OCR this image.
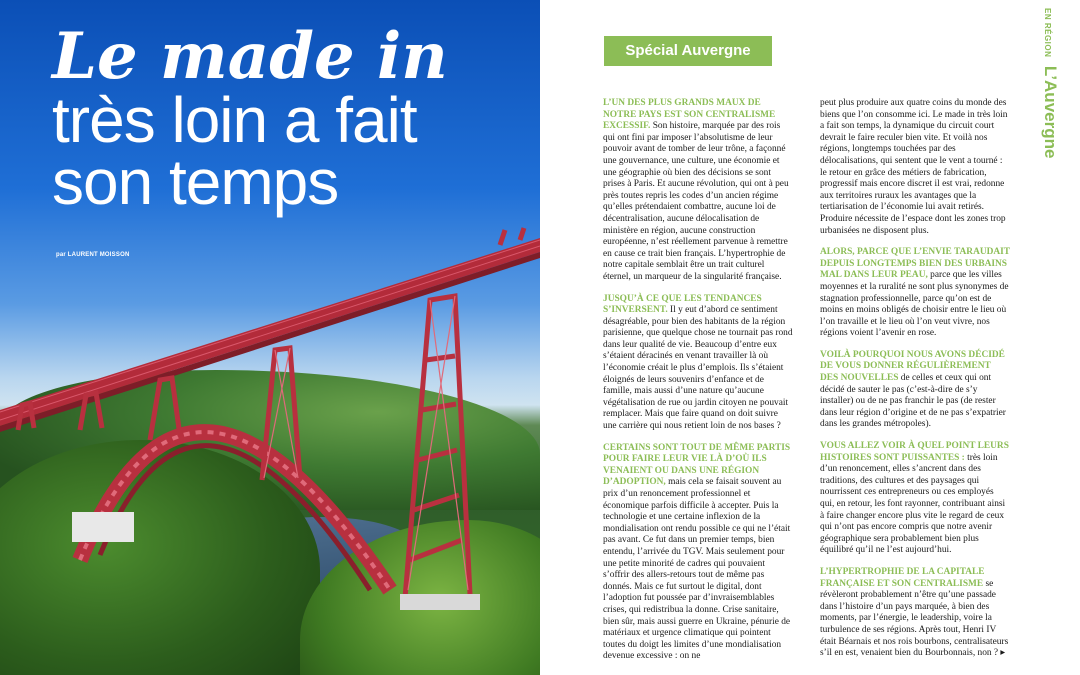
Le made in
très loin a fait
son temps
par LAURENT MOISSON
Spécial Auvergne	EN RÉGION L’Auvergne

L’UN DES PLUS GRANDS MAUX DE NOTRE PAYS EST SON CENTRALISME EXCESSIF. Son histoire, marquée par des rois qui ont fini par imposer l’absolutisme de leur pouvoir avant de tomber de leur trône, a façonné une gouvernance, une culture, une économie et une géographie où bien des décisions se sont prises à Paris. Et aucune révolution, qui ont à peu près toutes repris les codes d’un ancien régime qu’elles prétendaient combattre, aucune loi de décentralisation, aucune délocalisation de ministère en région, aucune construction européenne, n’est réellement parvenue à remettre en cause ce trait bien français. L’hypertrophie de notre capitale semblait être un trait culturel éternel, un marqueur de la singularité française.

JUSQU’À CE QUE LES TENDANCES S’INVERSENT. Il y eut d’abord ce sentiment désagréable, pour bien des habitants de la région parisienne, que quelque chose ne tournait pas rond dans leur qualité de vie. Beaucoup d’entre eux s’étaient déracinés en venant travailler là où l’économie créait le plus d’emplois. Ils s’étaient éloignés de leurs souvenirs d’enfance et de famille, mais aussi d’une nature qu’aucune végétalisation de rue ou jardin citoyen ne pouvait remplacer. Mais que faire quand on doit suivre une carrière qui nous retient loin de nos bases ?

CERTAINS SONT TOUT DE MÊME PARTIS POUR FAIRE LEUR VIE LÀ D’OÙ ILS VENAIENT OU DANS UNE RÉGION D’ADOPTION, mais cela se faisait souvent au prix d’un renoncement professionnel et économique parfois difficile à accepter. Puis la technologie et une certaine inflexion de la mondialisation ont rendu possible ce qui ne l’était pas avant. Ce fut dans un premier temps, bien entendu, l’arrivée du TGV. Mais seulement pour une petite minorité de cadres qui pouvaient s’offrir des allers-retours tout de même pas donnés. Mais ce fut surtout le digital, dont l’adoption fut poussée par d’invraisemblables crises, qui redistribua la donne. Crise sanitaire, bien sûr, mais aussi guerre en Ukraine, pénurie de matériaux et urgence climatique qui pointent toutes du doigt les limites d’une mondialisation devenue excessive : on ne

peut plus produire aux quatre coins du monde des biens que l’on consomme ici. Le made in très loin a fait son temps, la dynamique du circuit court devrait le faire reculer bien vite. Et voilà nos régions, longtemps touchées par des délocalisations, qui sentent que le vent a tourné : le retour en grâce des métiers de fabrication, progressif mais encore discret il est vrai, redonne aux territoires ruraux les avantages que la tertiarisation de l’économie lui avait retirés. Produire nécessite de l’espace dont les zones trop urbanisées ne disposent plus.

ALORS, PARCE QUE L’ENVIE TARAUDAIT DEPUIS LONGTEMPS BIEN DES URBAINS MAL DANS LEUR PEAU, parce que les villes moyennes et la ruralité ne sont plus synonymes de stagnation professionnelle, parce qu’on est de moins en moins obligés de choisir entre le lieu où l’on travaille et le lieu où l’on veut vivre, nos régions voient l’avenir en rose.

VOILÀ POURQUOI NOUS AVONS DÉCIDÉ DE VOUS DONNER RÉGULIÈREMENT DES NOUVELLES de celles et ceux qui ont décidé de sauter le pas (c’est-à-dire de s’y installer) ou de ne pas franchir le pas (de rester dans leur région d’origine et de ne pas s’expatrier dans les grandes métropoles).

VOUS ALLEZ VOIR À QUEL POINT LEURS HISTOIRES SONT PUISSANTES : très loin d’un renoncement, elles s’ancrent dans des traditions, des cultures et des paysages qui nourrissent ces entrepreneurs ou ces employés qui, en retour, les font rayonner, contribuant ainsi à faire changer encore plus vite le regard de ceux qui n’ont pas encore compris que notre avenir géographique sera probablement bien plus équilibré qu’il ne l’est aujourd’hui.

L’HYPERTROPHIE DE LA CAPITALE FRANÇAISE ET SON CENTRALISME se révèleront probablement n’être qu’une passade dans l’histoire d’un pays marquée, à bien des moments, par l’énergie, le leadership, voire la turbulence de ses régions. Après tout, Henri IV était Béarnais et nos rois bourbons, centralisateurs s’il en est, venaient bien du Bourbonnais, non ? ▸
